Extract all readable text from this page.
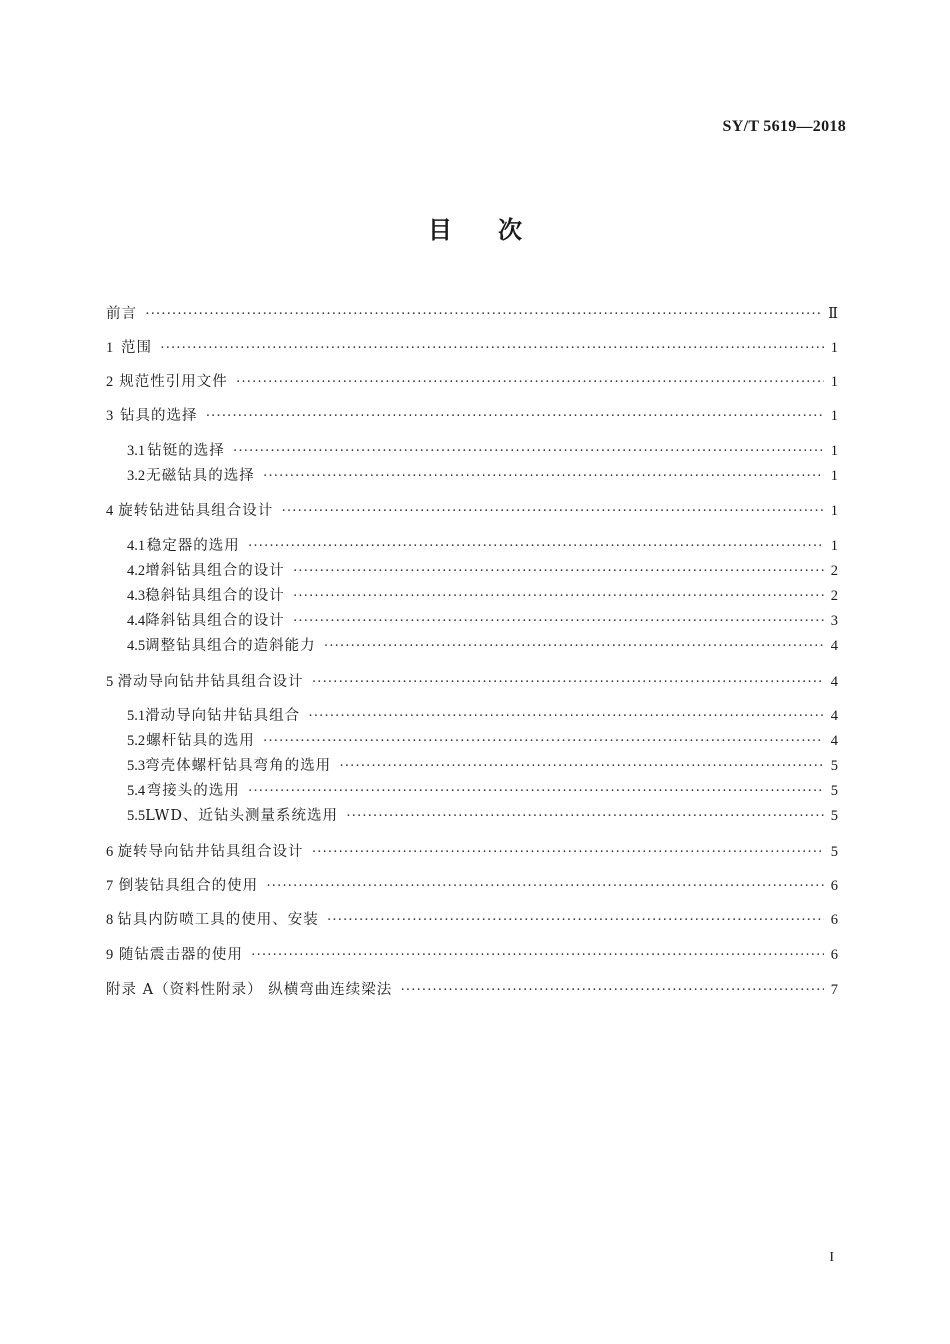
SY/T 5619—2018
目次
前言 ·····	Ⅱ
1 范围 ·····	1
2 规范性引用文件 ·····	1
3 钻具的选择 ·····	1
3.1 钻铤的选择 ·····	1
3.2 无磁钻具的选择 ·····	1
4 旋转钻进钻具组合设计 ·····	1
4.1 稳定器的选用 ·····	1
4.2 增斜钻具组合的设计 ·····	2
4.3 稳斜钻具组合的设计 ·····	2
4.4 降斜钻具组合的设计 ·····	3
4.5 调整钻具组合的造斜能力 ·····	4
5 滑动导向钻井钻具组合设计 ·····	4
5.1 滑动导向钻井钻具组合 ·····	4
5.2 螺杆钻具的选用 ·····	4
5.3 弯壳体螺杆钻具弯角的选用 ·····	5
5.4 弯接头的选用 ·····	5
5.5 LWD、近钻头测量系统选用 ·····	5
6 旋转导向钻井钻具组合设计 ·····	5
7 倒装钻具组合的使用 ·····	6
8 钻具内防喷工具的使用、安装 ·····	6
9 随钻震击器的使用 ·····	6
附录 A（资料性附录） 纵横弯曲连续梁法 ·····	7
I
